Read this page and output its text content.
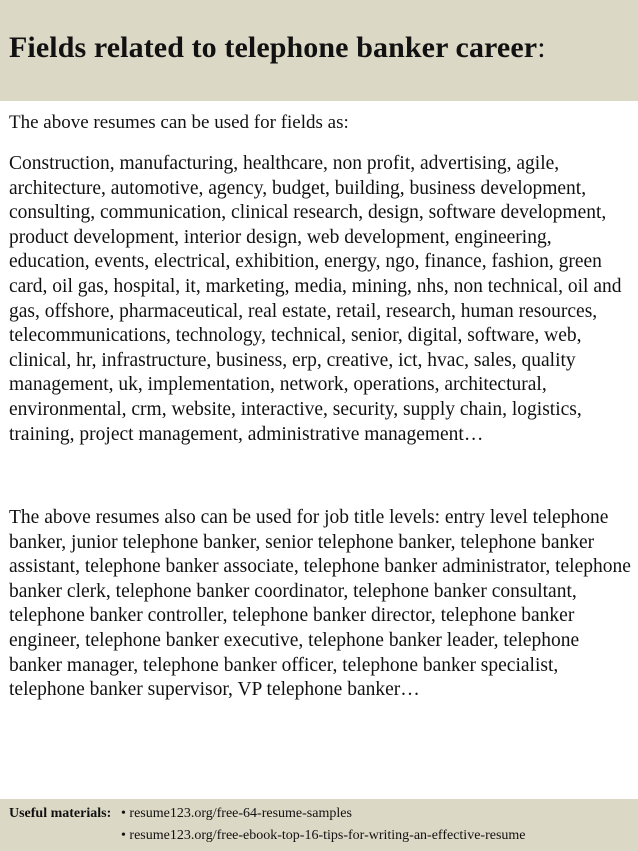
Fields related to telephone banker career:

The above resumes can be used for fields as:

Construction, manufacturing, healthcare, non profit, advertising, agile, architecture, automotive, agency, budget, building, business development, consulting, communication, clinical research, design, software development, product development, interior design, web development, engineering, education, events, electrical, exhibition, energy, ngo, finance, fashion, green card, oil gas, hospital, it, marketing, media, mining, nhs, non technical, oil and gas, offshore, pharmaceutical, real estate, retail, research, human resources, telecommunications, technology, technical, senior, digital, software, web, clinical, hr, infrastructure, business, erp, creative, ict, hvac, sales, quality management, uk, implementation, network, operations, architectural, environmental, crm, website, interactive, security, supply chain, logistics, training, project management, administrative management…

The above resumes also can be used for job title levels: entry level telephone banker, junior telephone banker, senior telephone banker, telephone banker assistant, telephone banker associate, telephone banker administrator, telephone banker clerk, telephone banker coordinator, telephone banker consultant, telephone banker controller, telephone banker director, telephone banker engineer, telephone banker executive, telephone banker leader, telephone banker manager, telephone banker officer, telephone banker specialist, telephone banker supervisor, VP telephone banker…

Useful materials: • resume123.org/free-64-resume-samples
• resume123.org/free-ebook-top-16-tips-for-writing-an-effective-resume
